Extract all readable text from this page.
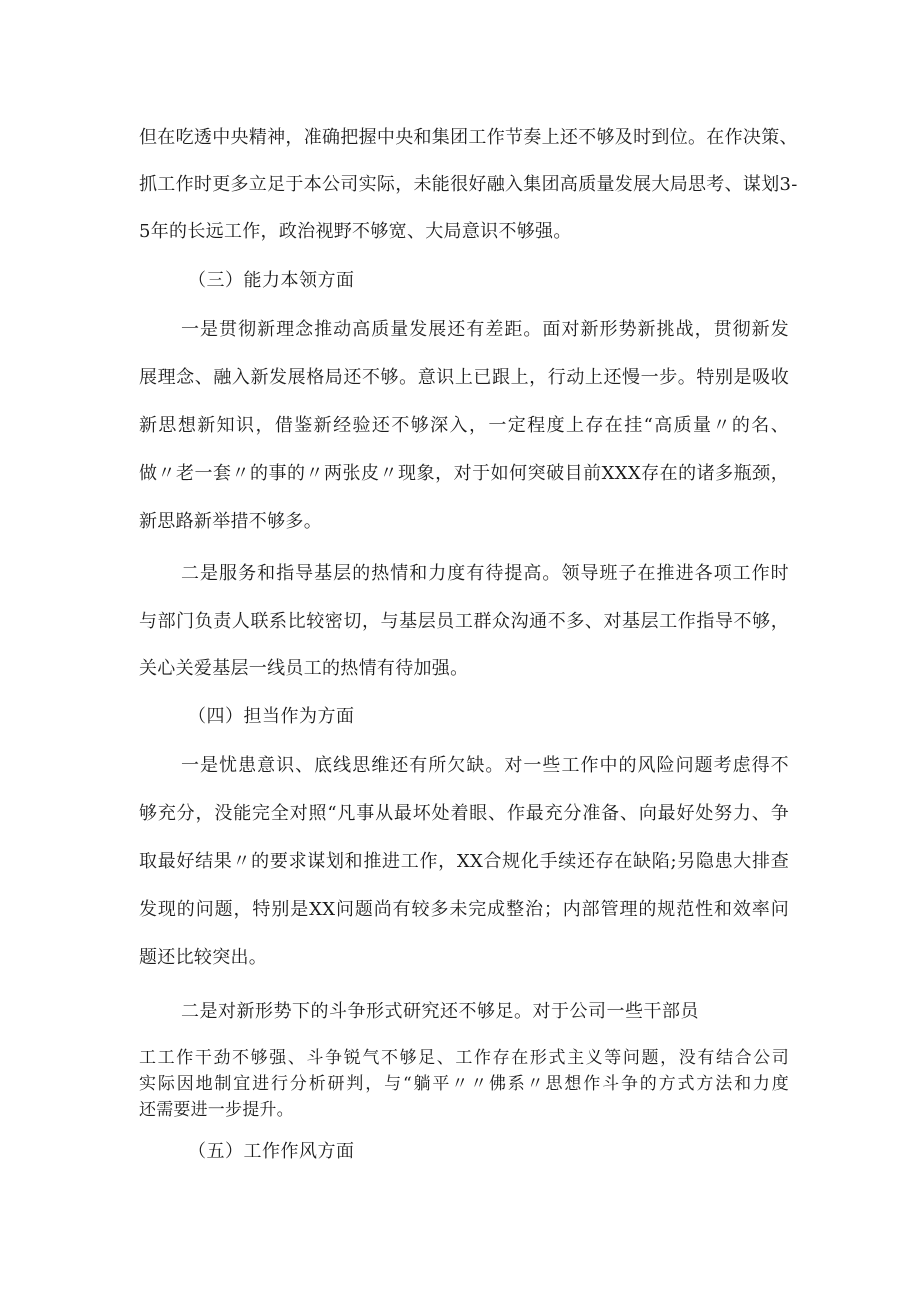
但在吃透中央精神，准确把握中央和集团工作节奏上还不够及时到位。在作决策、
抓工作时更多立足于本公司实际，未能很好融入集团高质量发展大局思考、谋划3-
5年的长远工作，政治视野不够宽、大局意识不够强。
（三）能力本领方面
一是贯彻新理念推动高质量发展还有差距。面对新形势新挑战，贯彻新发
展理念、融入新发展格局还不够。意识上已跟上，行动上还慢一步。特别是吸收
新思想新知识，借鉴新经验还不够深入，一定程度上存在挂“高质量〃的名、
做〃老一套〃的事的〃两张皮〃现象，对于如何突破目前XXX存在的诸多瓶颈，
新思路新举措不够多。
二是服务和指导基层的热情和力度有待提高。领导班子在推进各项工作时
与部门负责人联系比较密切，与基层员工群众沟通不多、对基层工作指导不够，
关心关爱基层一线员工的热情有待加强。
（四）担当作为方面
一是忧患意识、底线思维还有所欠缺。对一些工作中的风险问题考虑得不
够充分，没能完全对照“凡事从最坏处着眼、作最充分准备、向最好处努力、争
取最好结果〃的要求谋划和推进工作，XX合规化手续还存在缺陷;另隐患大排查
发现的问题，特别是XX问题尚有较多未完成整治；内部管理的规范性和效率问
题还比较突出。
二是对新形势下的斗争形式研究还不够足。对于公司一些干部员
工工作干劲不够强、斗争锐气不够足、工作存在形式主义等问题，没有结合公司
实际因地制宜进行分析研判，与“躺平〃〃佛系〃思想作斗争的方式方法和力度
还需要进一步提升。
（五）工作作风方面
